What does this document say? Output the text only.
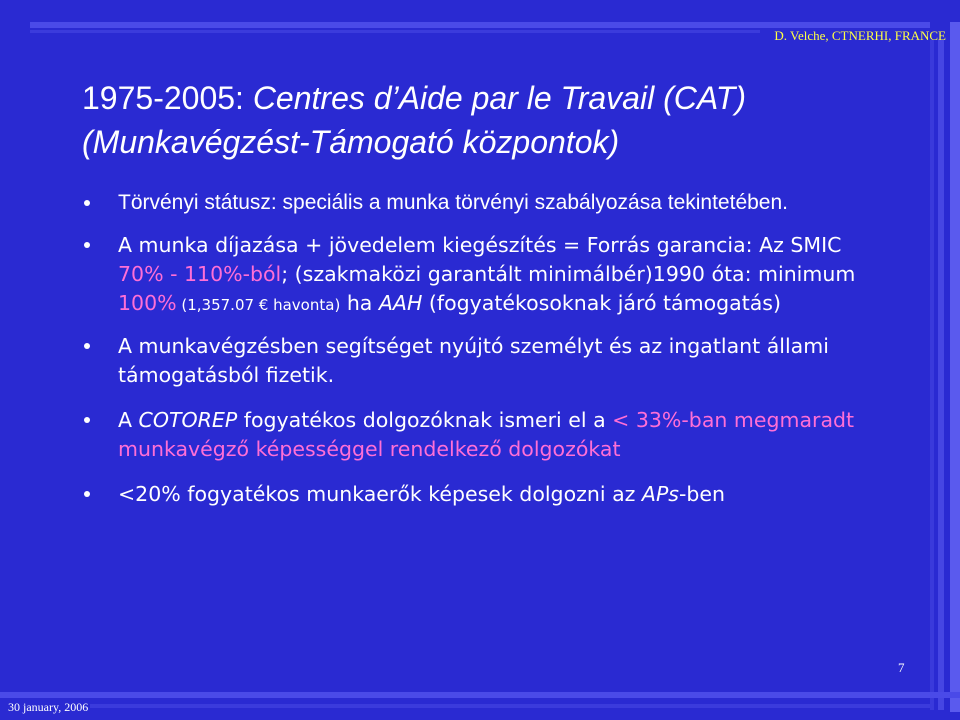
D. Velche, CTNERHI, FRANCE
1975-2005: Centres d’Aide par le Travail (CAT)
(Munkavégzést-Támogató központok)
Törvényi státusz: speciális a munka törvényi szabályozása tekintetében.
A munka díjazása + jövedelem kiegészítés = Forrás garancia: Az SMIC 70% - 110%-ból; (szakmaközi garantált minimálbér)1990 óta: minimum 100% (1,357.07 € havonta) ha AAH (fogyatékosoknak járó támogatás)
A munkavégzésben segítséget nyújtó személyt és az ingatlant állami támogatásból fizetik.
A COTOREP fogyatékos dolgozóknak ismeri el a < 33%-ban megmaradt munkavégző képességgel rendelkező dolgozókat
<20% fogyatékos munkaerők képesek dolgozni az APs-ben
7
30 january, 2006
